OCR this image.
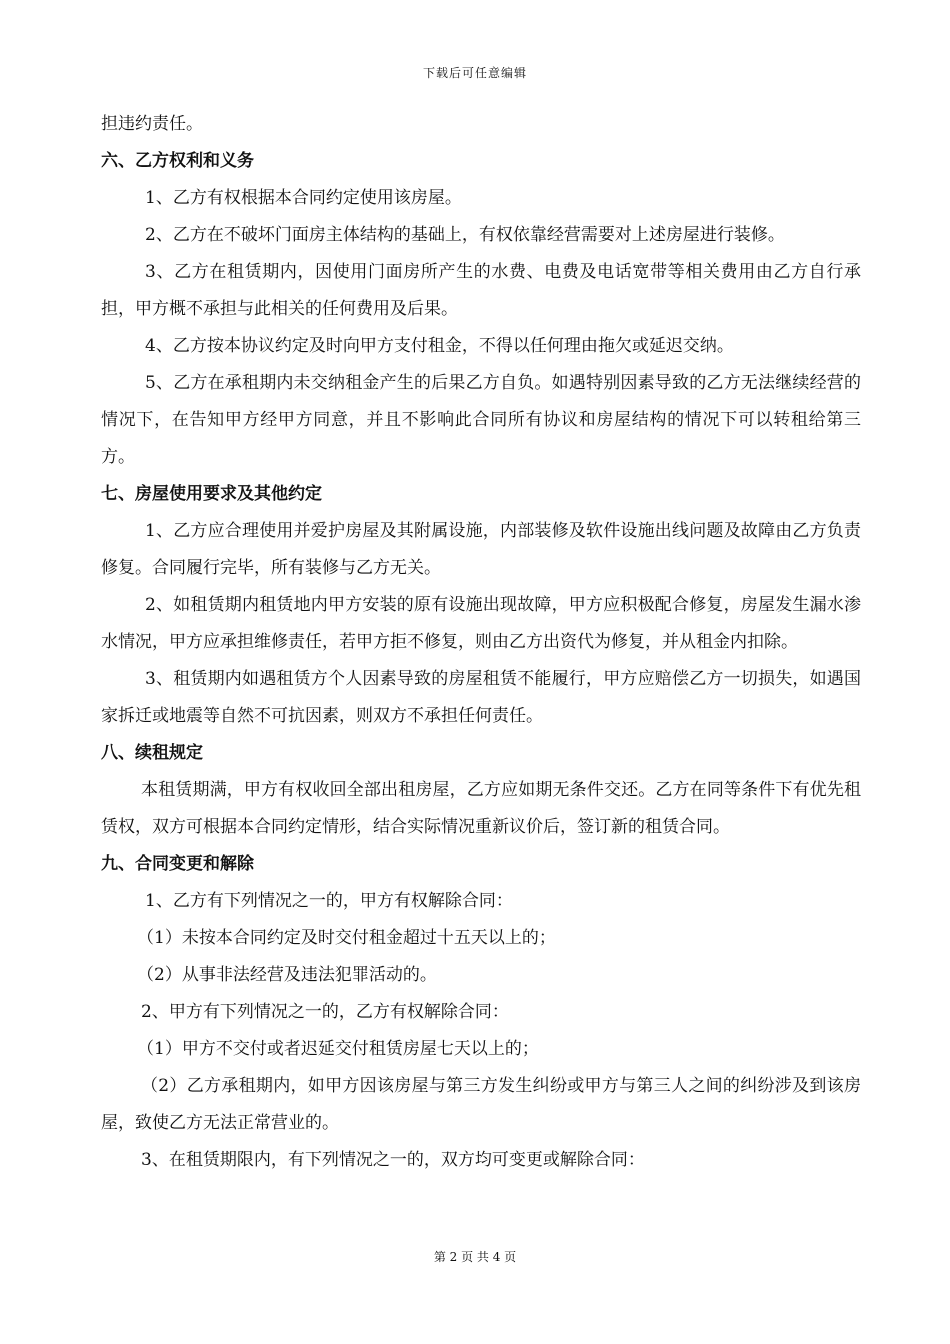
下载后可任意编辑

担违约责任。

六、乙方权利和义务

1、乙方有权根据本合同约定使用该房屋。

2、乙方在不破坏门面房主体结构的基础上，有权依靠经营需要对上述房屋进行装修。

3、乙方在租赁期内，因使用门面房所产生的水费、电费及电话宽带等相关费用由乙方自行承担，甲方概不承担与此相关的任何费用及后果。

4、乙方按本协议约定及时向甲方支付租金，不得以任何理由拖欠或延迟交纳。

5、乙方在承租期内未交纳租金产生的后果乙方自负。如遇特别因素导致的乙方无法继续经营的情况下，在告知甲方经甲方同意，并且不影响此合同所有协议和房屋结构的情况下可以转租给第三方。

七、房屋使用要求及其他约定

1、乙方应合理使用并爱护房屋及其附属设施，内部装修及软件设施出线问题及故障由乙方负责修复。合同履行完毕，所有装修与乙方无关。

2、如租赁期内租赁地内甲方安装的原有设施出现故障，甲方应积极配合修复，房屋发生漏水渗水情况，甲方应承担维修责任，若甲方拒不修复，则由乙方出资代为修复，并从租金内扣除。

3、租赁期内如遇租赁方个人因素导致的房屋租赁不能履行，甲方应赔偿乙方一切损失，如遇国家拆迁或地震等自然不可抗因素，则双方不承担任何责任。

八、续租规定

本租赁期满，甲方有权收回全部出租房屋，乙方应如期无条件交还。乙方在同等条件下有优先租赁权，双方可根据本合同约定情形，结合实际情况重新议价后，签订新的租赁合同。

九、合同变更和解除

1、乙方有下列情况之一的，甲方有权解除合同：

（1）未按本合同约定及时交付租金超过十五天以上的；

（2）从事非法经营及违法犯罪活动的。

2、甲方有下列情况之一的，乙方有权解除合同：

（1）甲方不交付或者迟延交付租赁房屋七天以上的；

（2）乙方承租期内，如甲方因该房屋与第三方发生纠纷或甲方与第三人之间的纠纷涉及到该房屋，致使乙方无法正常营业的。

3、在租赁期限内，有下列情况之一的，双方均可变更或解除合同：

第 2 页 共 4 页
